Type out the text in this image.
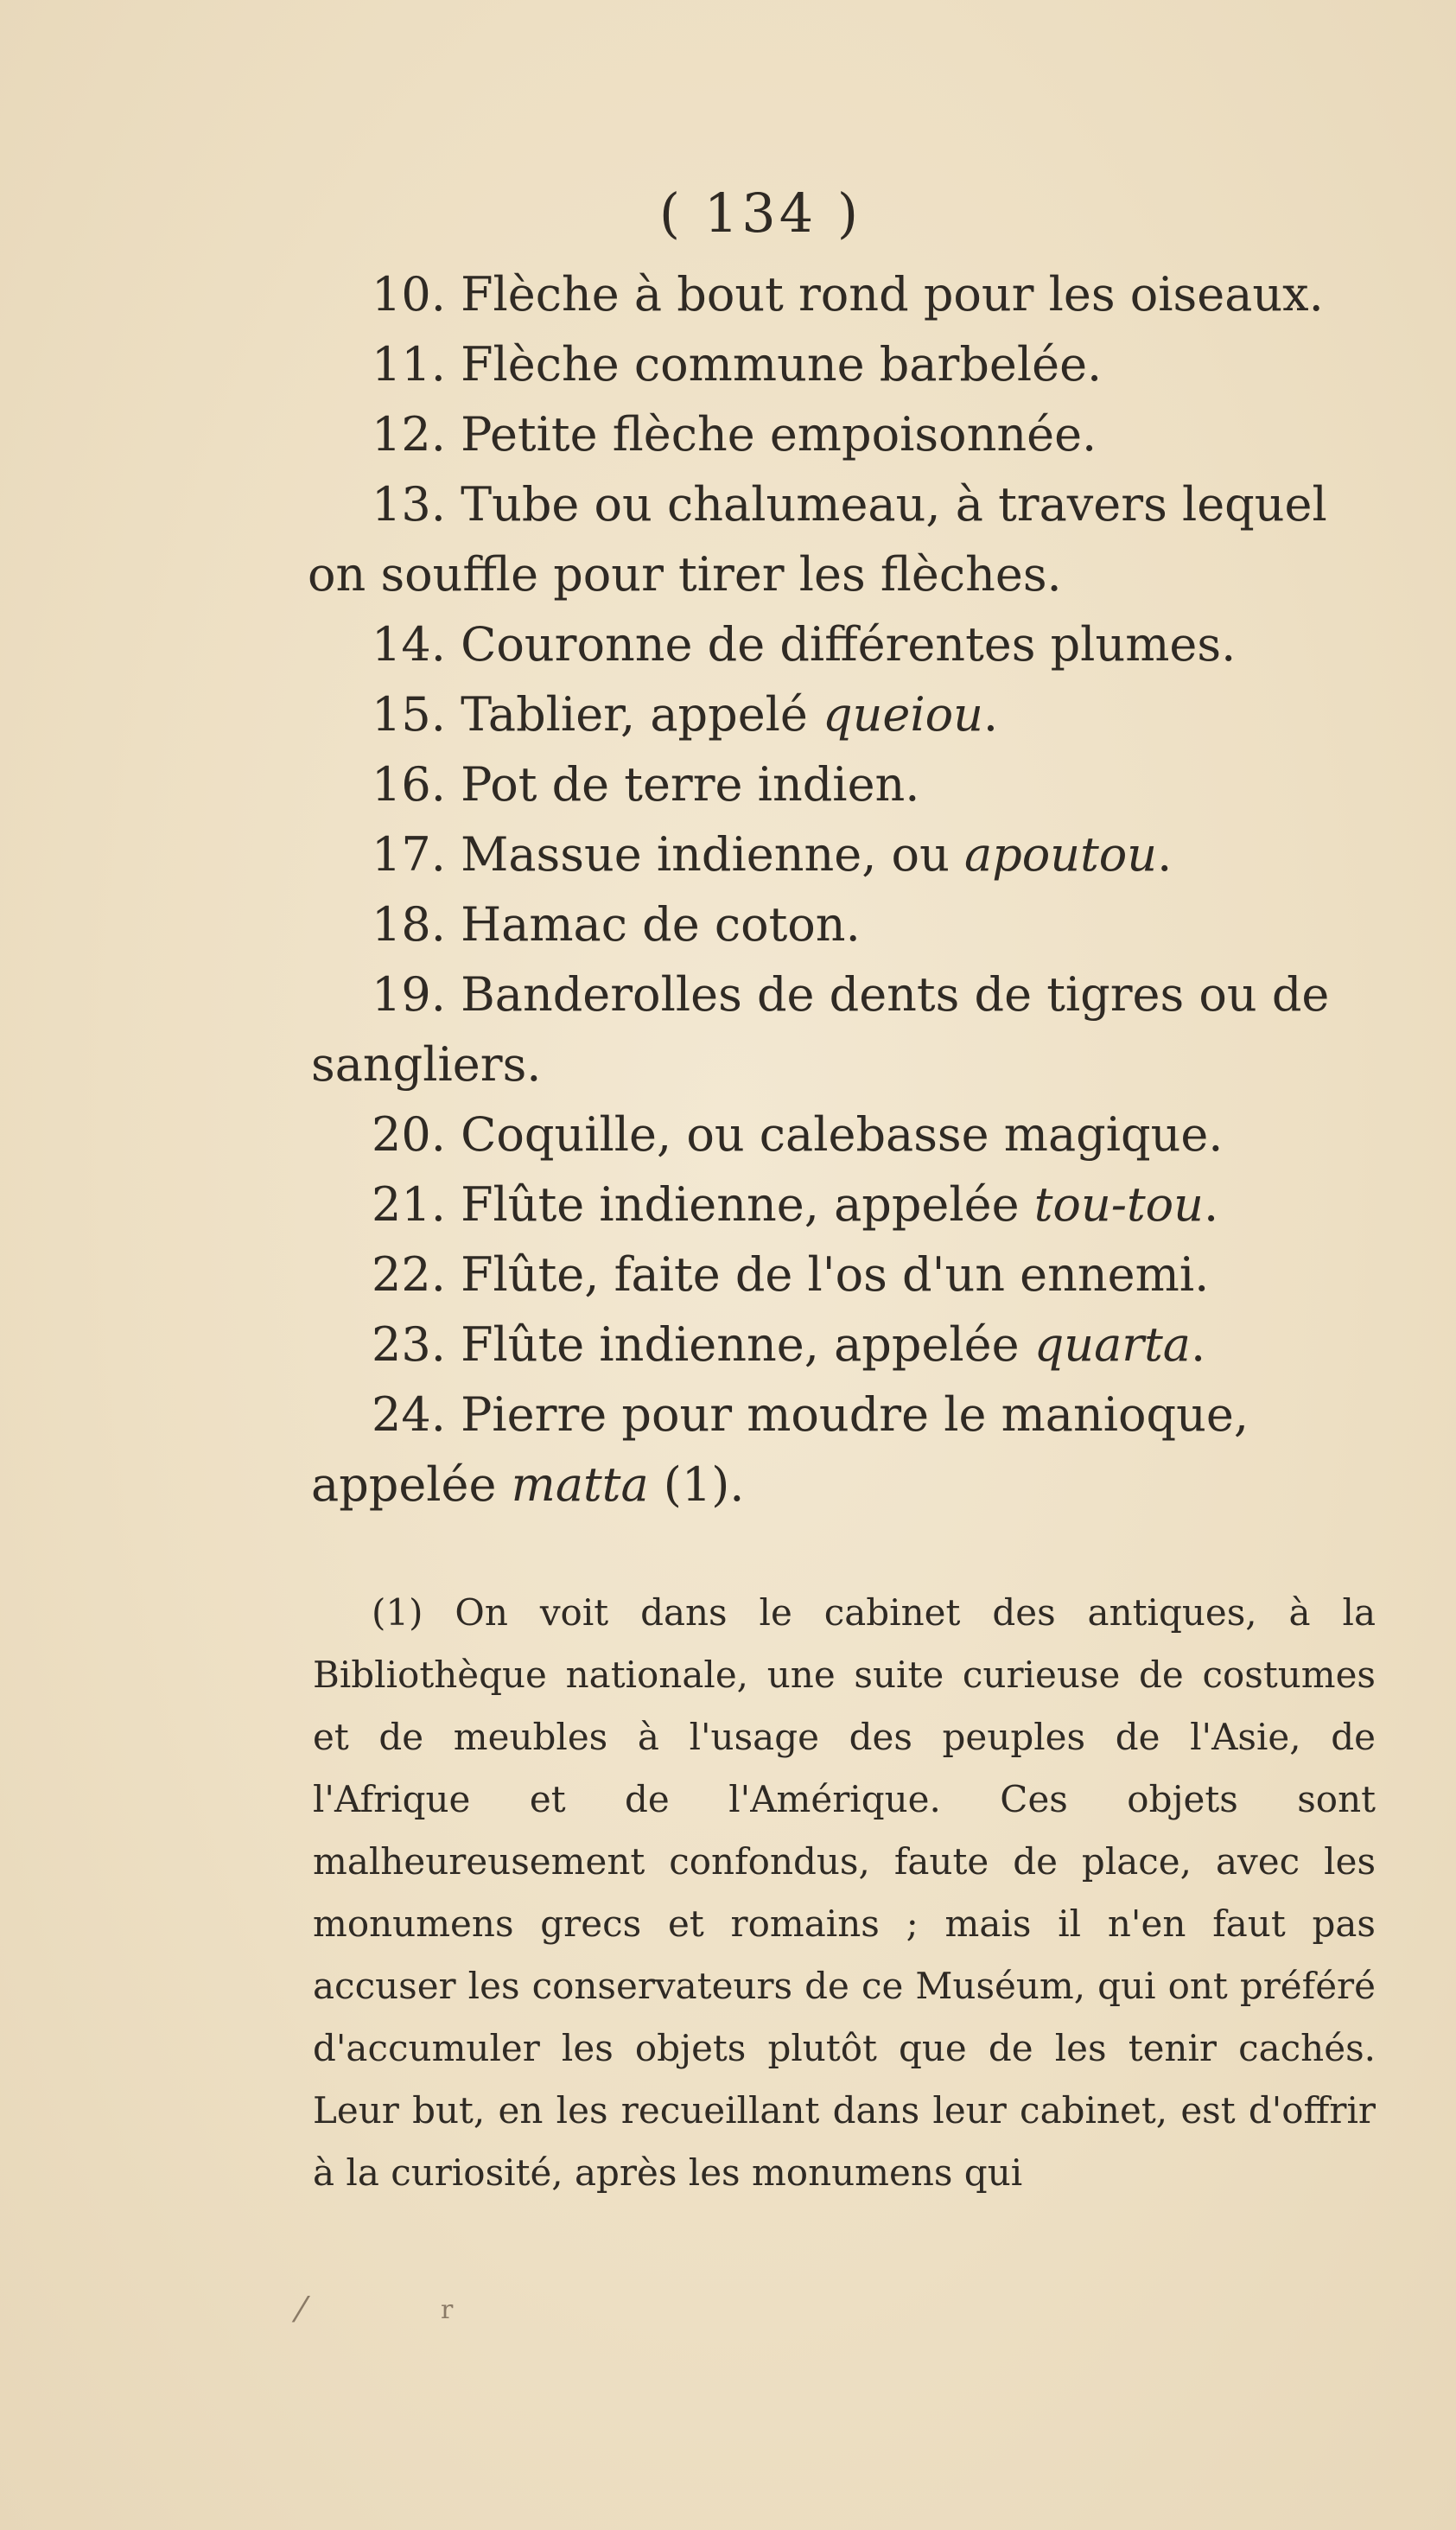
( 134 )

10. Flèche à bout rond pour les oiseaux.

11. Flèche commune barbelée.

12. Petite flèche empoisonnée.

13. Tube ou chalumeau, à travers lequel
on souffle pour tirer les flèches.

14. Couronne de différentes plumes.

15. Tablier, appelé queiou.

16. Pot de terre indien.

17. Massue indienne, ou apoutou.

18. Hamac de coton.

19. Banderolles de dents de tigres ou de
sangliers.

20. Coquille, ou calebasse magique.

21. Flûte indienne, appelée tou-tou.

22. Flûte, faite de l'os d'un ennemi.

23. Flûte indienne, appelée quarta.

24. Pierre pour moudre le manioque,
appelée matta (1).

(1) On voit dans le cabinet des antiques, à la Bibliothèque nationale, une suite curieuse de costumes et de meubles à l'usage des peuples de l'Asie, de l'Afrique et de l'Amérique. Ces objets sont malheureusement confondus, faute de place, avec les monumens grecs et romains ; mais il n'en faut pas accuser les conservateurs de ce Muséum, qui ont préféré d'accumuler les objets plutôt que de les tenir cachés. Leur but, en les recueillant dans leur cabinet, est d'offrir à la curiosité, après les monumens qui
⁄	r
